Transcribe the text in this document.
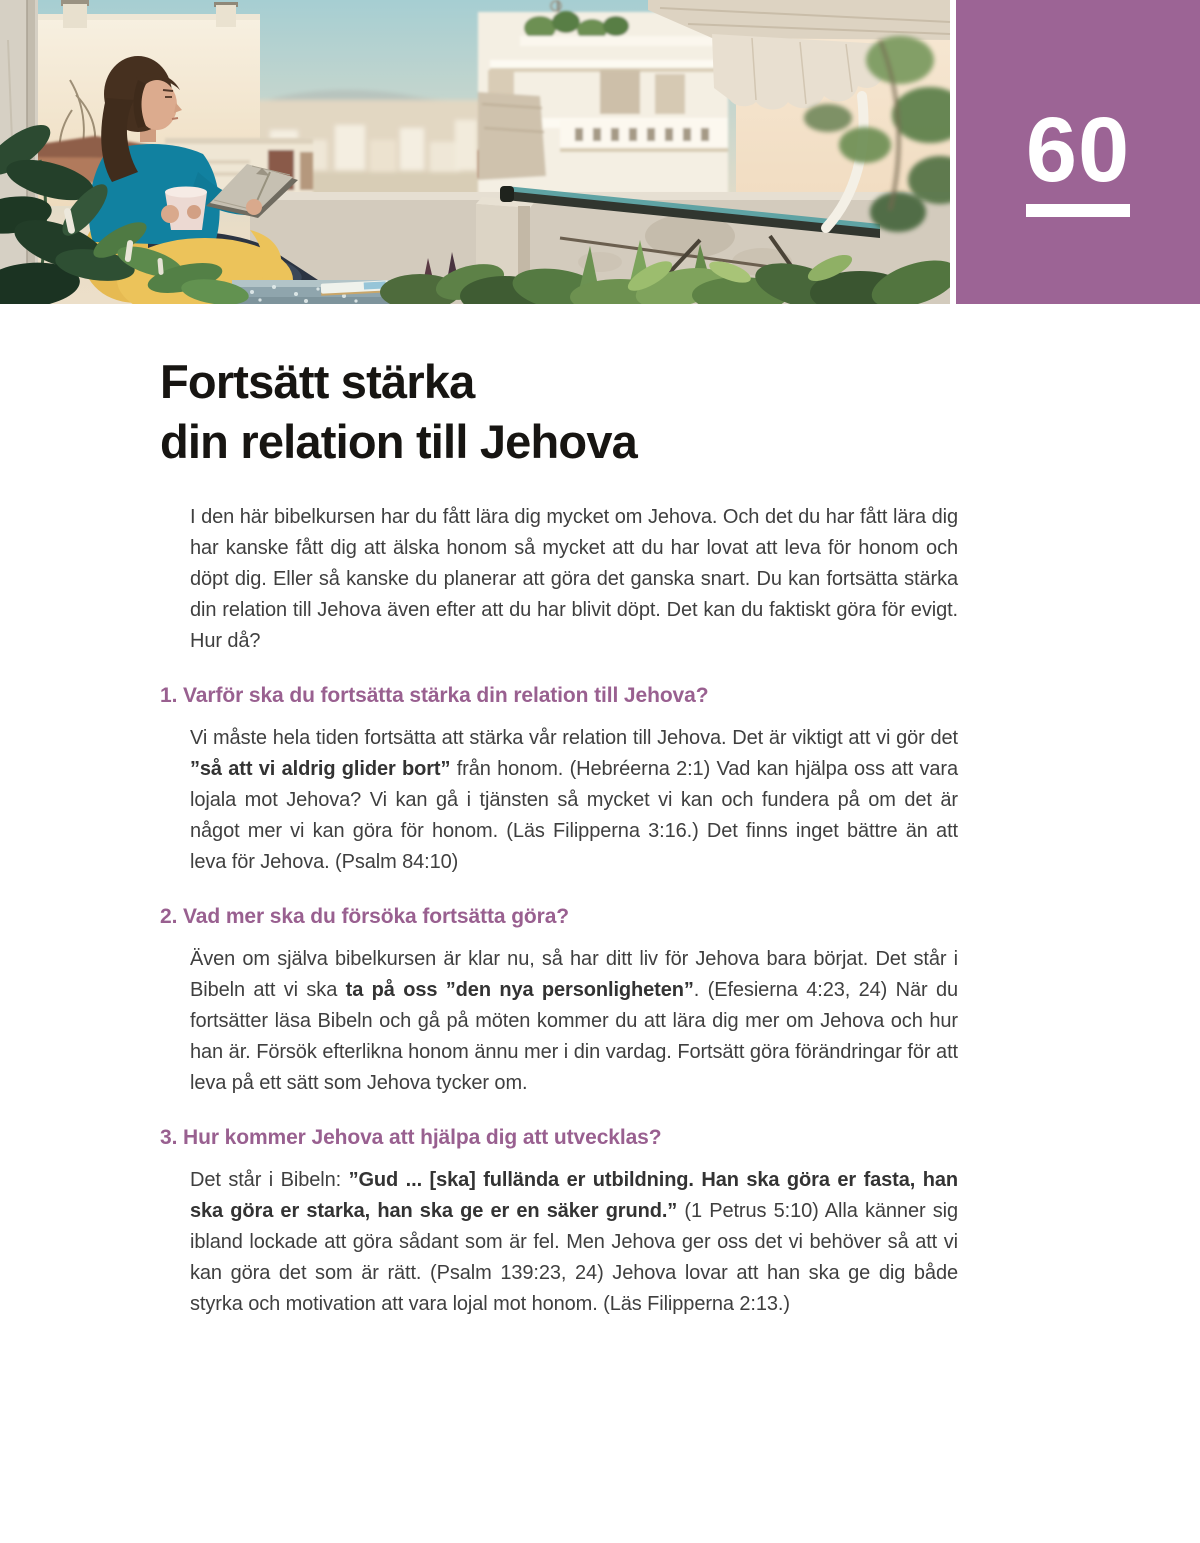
60
Fortsätt stärka
din relation till Jehova

I den här bibelkursen har du fått lära dig mycket om Jehova. Och det du har fått lära dig har kanske fått dig att älska honom så mycket att du har lovat att leva för honom och döpt dig. Eller så kanske du planerar att göra det ganska snart. Du kan fortsätta stärka din relation till Jehova även efter att du har blivit döpt. Det kan du faktiskt göra för evigt. Hur då?

1. Varför ska du fortsätta stärka din relation till Jehova?

Vi måste hela tiden fortsätta att stärka vår relation till Jehova. Det är viktigt att vi gör det ”så att vi aldrig glider bort” från honom. (Hebréerna 2:1) Vad kan hjälpa oss att vara lojala mot Jehova? Vi kan gå i tjänsten så mycket vi kan och fundera på om det är något mer vi kan göra för honom. (Läs Filipperna 3:16.) Det finns inget bättre än att leva för Jehova. (Psalm 84:10)

2. Vad mer ska du försöka fortsätta göra?

Även om själva bibelkursen är klar nu, så har ditt liv för Jehova bara börjat. Det står i Bibeln att vi ska ta på oss ”den nya personligheten”. (Efesierna 4:23, 24) När du fortsätter läsa Bibeln och gå på möten kommer du att lära dig mer om Jehova och hur han är. Försök efterlikna honom ännu mer i din vardag. Fortsätt göra förändringar för att leva på ett sätt som Jehova tycker om.

3. Hur kommer Jehova att hjälpa dig att utvecklas?

Det står i Bibeln: ”Gud ... [ska] fullända er utbildning. Han ska göra er fasta, han ska göra er starka, han ska ge er en säker grund.” (1 Petrus 5:10) Alla känner sig ibland lockade att göra sådant som är fel. Men Jehova ger oss det vi behöver så att vi kan göra det som är rätt. (Psalm 139:23, 24) Jehova lovar att han ska ge dig både styrka och motivation att vara lojal mot honom. (Läs Filipperna 2:13.)
